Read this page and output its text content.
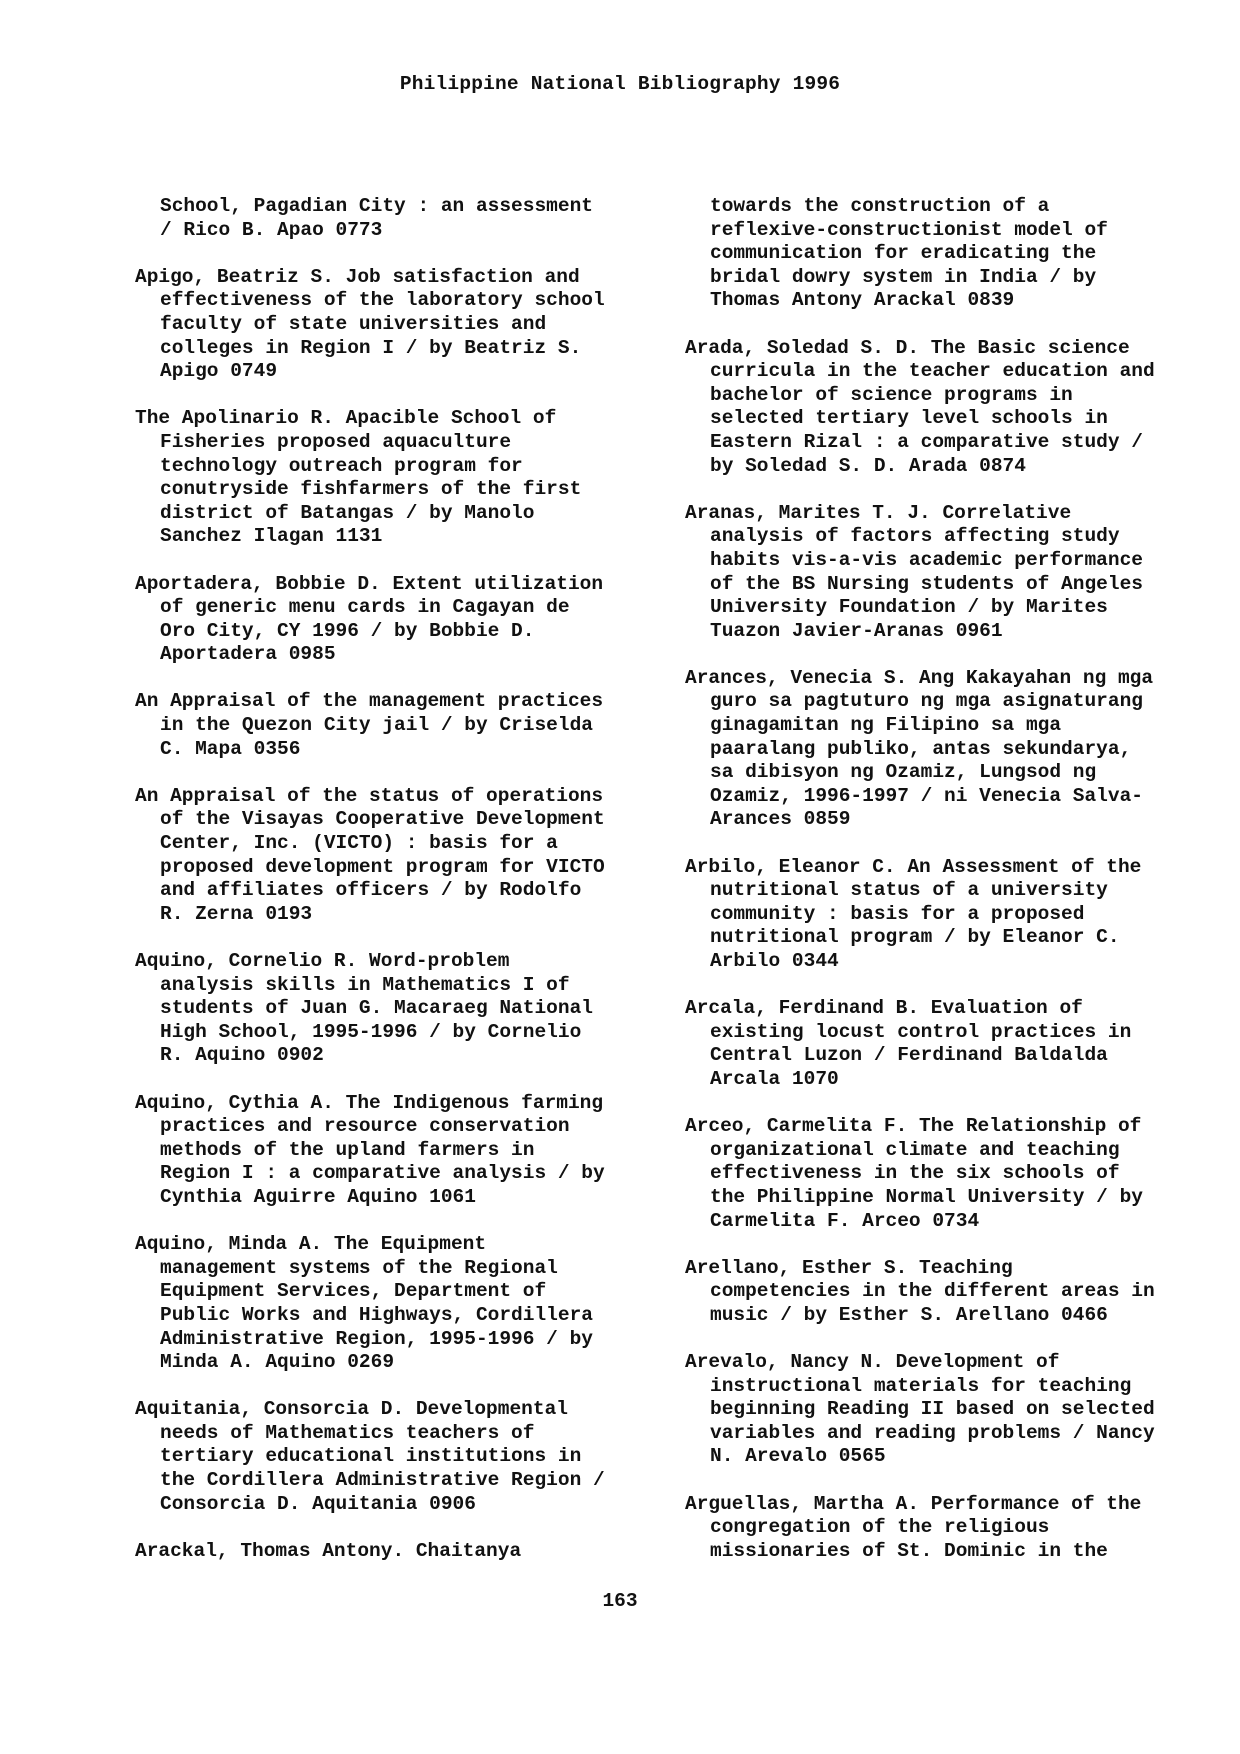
Philippine National Bibliography 1996

School, Pagadian City : an assessment
/ Rico B. Apao 0773

Apigo, Beatriz S. Job satisfaction and
effectiveness of the laboratory school
faculty of state universities and
colleges in Region I / by Beatriz S.
Apigo 0749

The Apolinario R. Apacible School of
Fisheries proposed aquaculture
technology outreach program for
conutryside fishfarmers of the first
district of Batangas / by Manolo
Sanchez Ilagan 1131

Aportadera, Bobbie D. Extent utilization
of generic menu cards in Cagayan de
Oro City, CY 1996 / by Bobbie D.
Aportadera 0985

An Appraisal of the management practices
in the Quezon City jail / by Criselda
C. Mapa 0356

An Appraisal of the status of operations
of the Visayas Cooperative Development
Center, Inc. (VICTO) : basis for a
proposed development program for VICTO
and affiliates officers / by Rodolfo
R. Zerna 0193

Aquino, Cornelio R. Word-problem
analysis skills in Mathematics I of
students of Juan G. Macaraeg National
High School, 1995-1996 / by Cornelio
R. Aquino 0902

Aquino, Cythia A. The Indigenous farming
practices and resource conservation
methods of the upland farmers in
Region I : a comparative analysis / by
Cynthia Aguirre Aquino 1061

Aquino, Minda A. The Equipment
management systems of the Regional
Equipment Services, Department of
Public Works and Highways, Cordillera
Administrative Region, 1995-1996 / by
Minda A. Aquino 0269

Aquitania, Consorcia D. Developmental
needs of Mathematics teachers of
tertiary educational institutions in
the Cordillera Administrative Region /
Consorcia D. Aquitania 0906

Arackal, Thomas Antony. Chaitanya

towards the construction of a
reflexive-constructionist model of
communication for eradicating the
bridal dowry system in India / by
Thomas Antony Arackal 0839

Arada, Soledad S. D. The Basic science
curricula in the teacher education and
bachelor of science programs in
selected tertiary level schools in
Eastern Rizal : a comparative study /
by Soledad S. D. Arada 0874

Aranas, Marites T. J. Correlative
analysis of factors affecting study
habits vis-a-vis academic performance
of the BS Nursing students of Angeles
University Foundation / by Marites
Tuazon Javier-Aranas 0961

Arances, Venecia S. Ang Kakayahan ng mga
guro sa pagtuturo ng mga asignaturang
ginagamitan ng Filipino sa mga
paaralang publiko, antas sekundarya,
sa dibisyon ng Ozamiz, Lungsod ng
Ozamiz, 1996-1997 / ni Venecia Salva-
Arances 0859

Arbilo, Eleanor C. An Assessment of the
nutritional status of a university
community : basis for a proposed
nutritional program / by Eleanor C.
Arbilo 0344

Arcala, Ferdinand B. Evaluation of
existing locust control practices in
Central Luzon / Ferdinand Baldalda
Arcala 1070

Arceo, Carmelita F. The Relationship of
organizational climate and teaching
effectiveness in the six schools of
the Philippine Normal University / by
Carmelita F. Arceo 0734

Arellano, Esther S. Teaching
competencies in the different areas in
music / by Esther S. Arellano 0466

Arevalo, Nancy N. Development of
instructional materials for teaching
beginning Reading II based on selected
variables and reading problems / Nancy
N. Arevalo 0565

Arguellas, Martha A. Performance of the
congregation of the religious
missionaries of St. Dominic in the

163
